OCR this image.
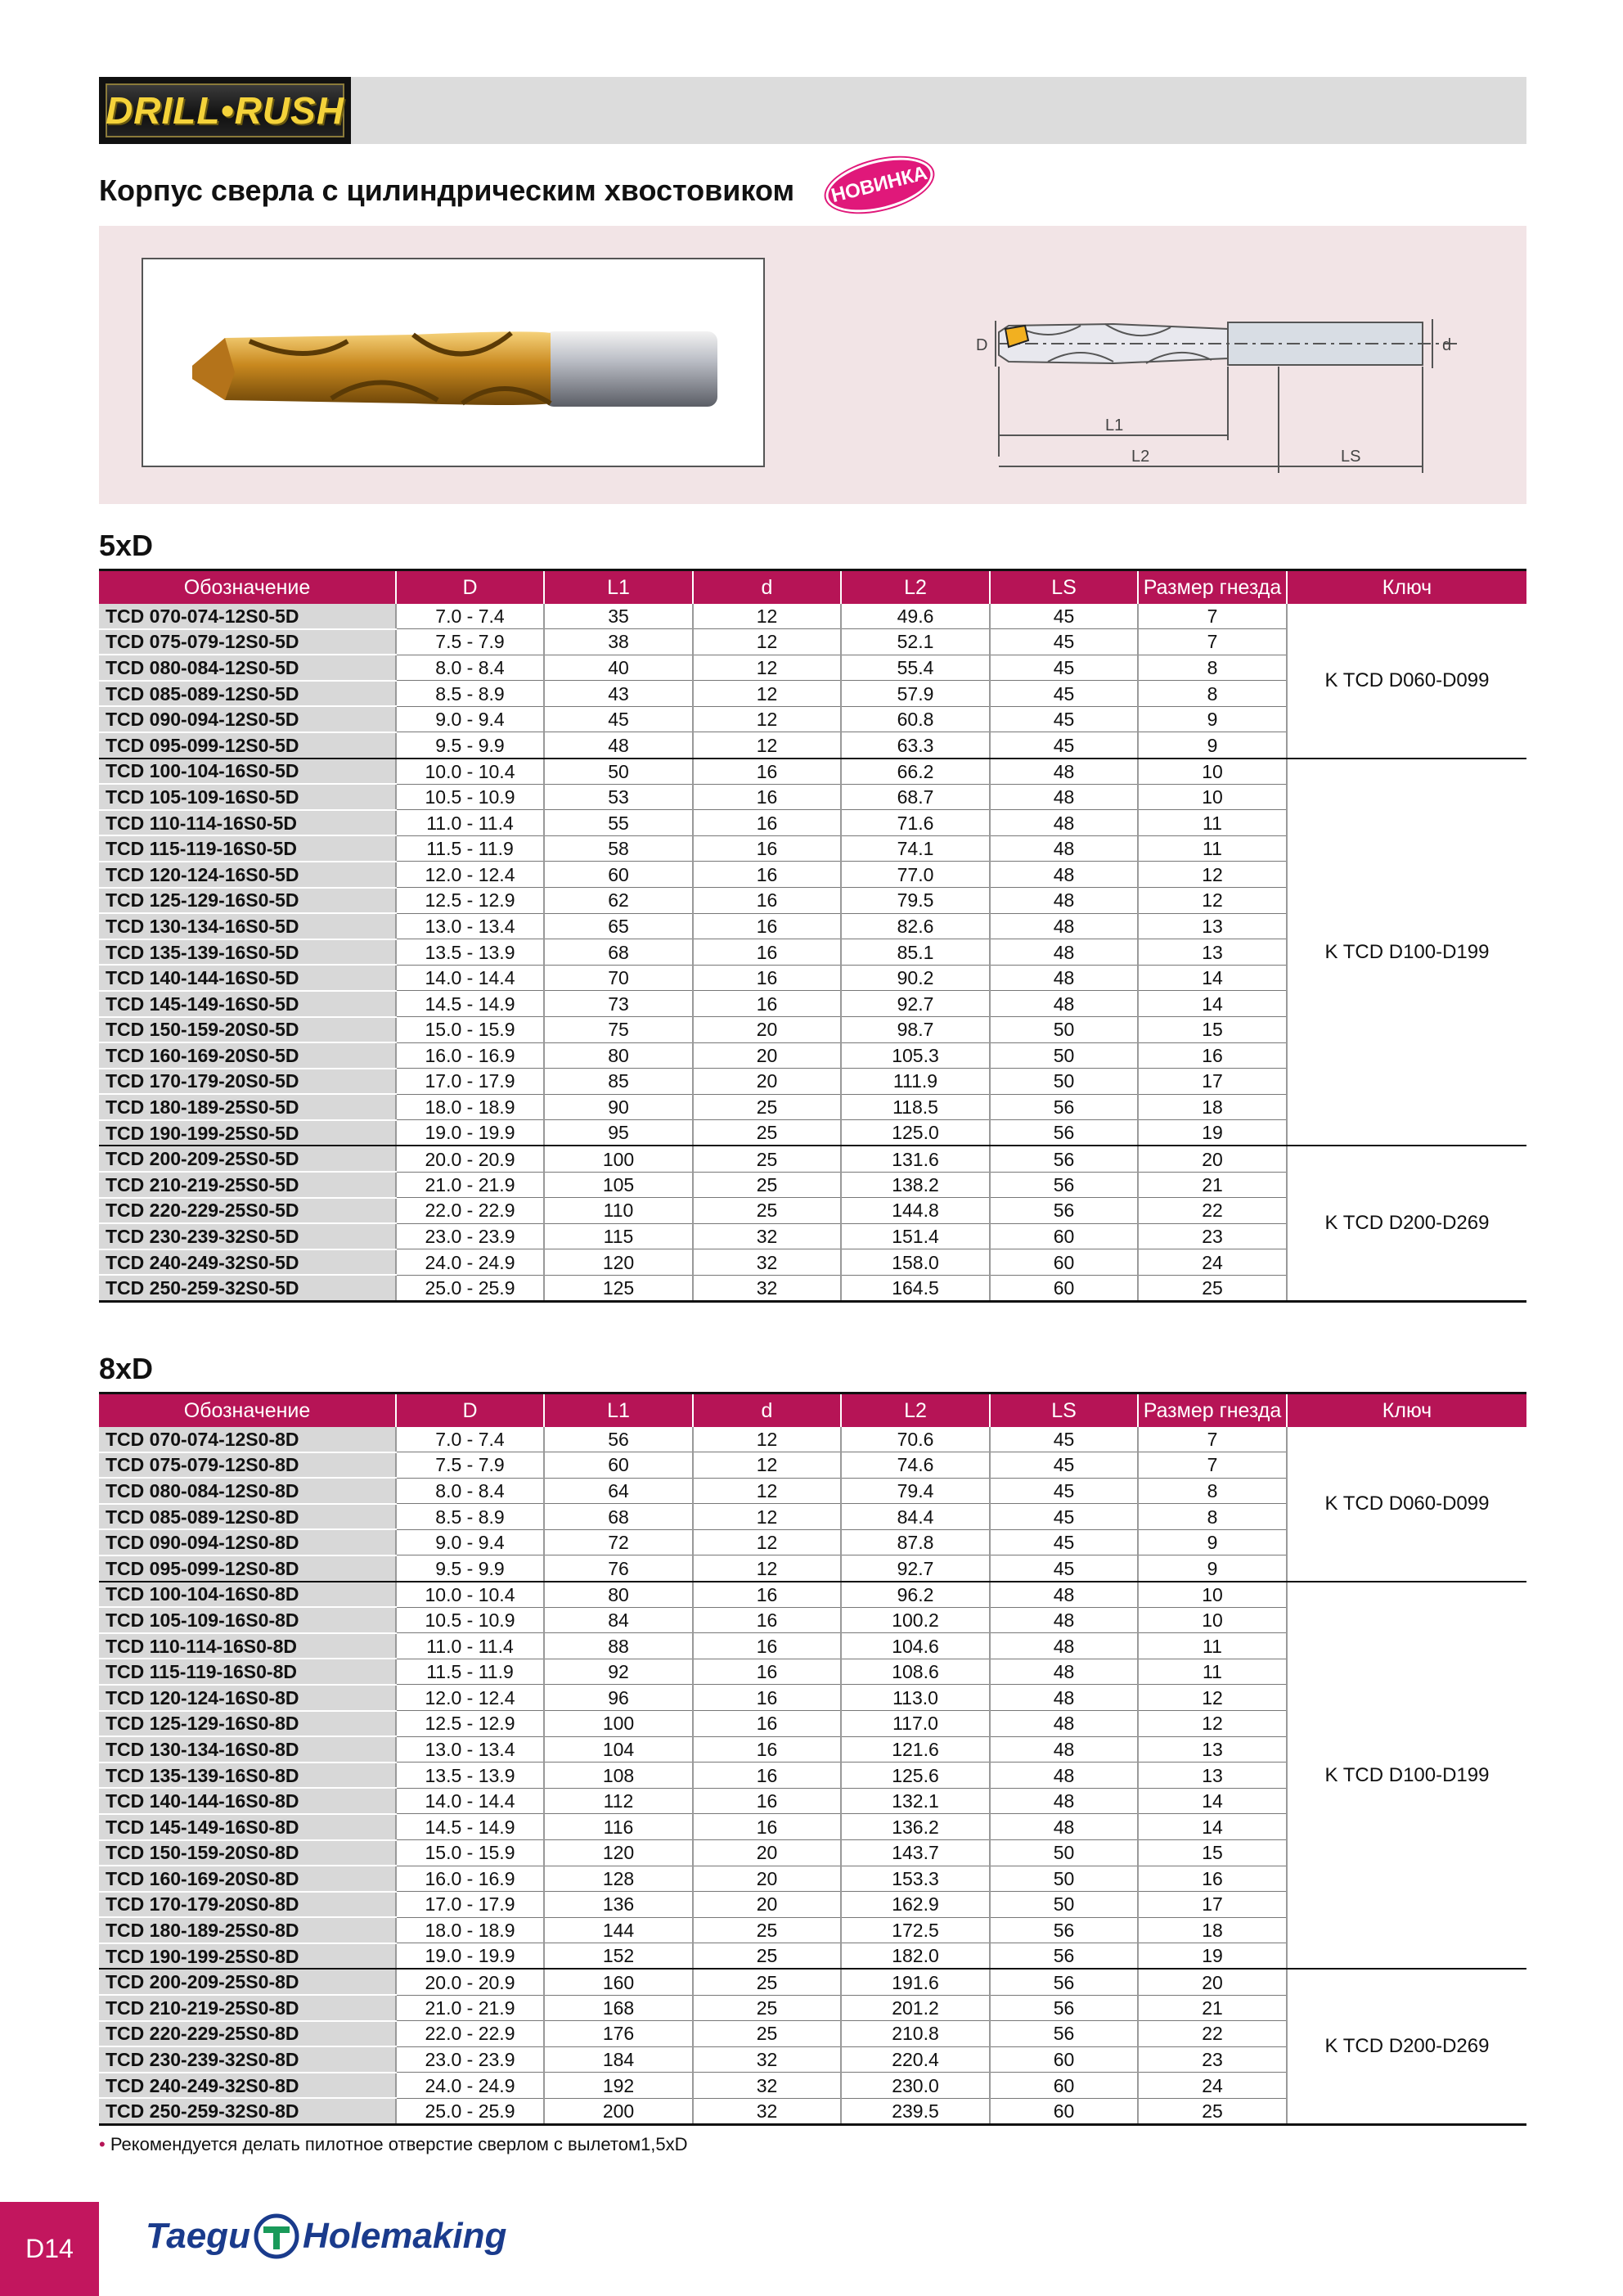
DRILL•RUSH
Корпус сверла с цилиндрическим хвостовиком	НОВИНКА
D	d
L1
L2	LS
5xD
Обозначение	D	L1	d	L2	LS	Размер гнезда	Ключ
TCD 070-074-12S0-5D	7.0 - 7.4	35	12	49.6	45	7	K TCD D060-D099
TCD 075-079-12S0-5D	7.5 - 7.9	38	12	52.1	45	7	
TCD 080-084-12S0-5D	8.0 - 8.4	40	12	55.4	45	8	
TCD 085-089-12S0-5D	8.5 - 8.9	43	12	57.9	45	8	
TCD 090-094-12S0-5D	9.0 - 9.4	45	12	60.8	45	9	
TCD 095-099-12S0-5D	9.5 - 9.9	48	12	63.3	45	9	
TCD 100-104-16S0-5D	10.0 - 10.4	50	16	66.2	48	10	K TCD D100-D199
TCD 105-109-16S0-5D	10.5 - 10.9	53	16	68.7	48	10	
TCD 110-114-16S0-5D	11.0 - 11.4	55	16	71.6	48	11	
TCD 115-119-16S0-5D	11.5 - 11.9	58	16	74.1	48	11	
TCD 120-124-16S0-5D	12.0 - 12.4	60	16	77.0	48	12	
TCD 125-129-16S0-5D	12.5 - 12.9	62	16	79.5	48	12	
TCD 130-134-16S0-5D	13.0 - 13.4	65	16	82.6	48	13	
TCD 135-139-16S0-5D	13.5 - 13.9	68	16	85.1	48	13	
TCD 140-144-16S0-5D	14.0 - 14.4	70	16	90.2	48	14	
TCD 145-149-16S0-5D	14.5 - 14.9	73	16	92.7	48	14	
TCD 150-159-20S0-5D	15.0 - 15.9	75	20	98.7	50	15	
TCD 160-169-20S0-5D	16.0 - 16.9	80	20	105.3	50	16	
TCD 170-179-20S0-5D	17.0 - 17.9	85	20	111.9	50	17	
TCD 180-189-25S0-5D	18.0 - 18.9	90	25	118.5	56	18	
TCD 190-199-25S0-5D	19.0 - 19.9	95	25	125.0	56	19	
TCD 200-209-25S0-5D	20.0 - 20.9	100	25	131.6	56	20	K TCD D200-D269
TCD 210-219-25S0-5D	21.0 - 21.9	105	25	138.2	56	21	
TCD 220-229-25S0-5D	22.0 - 22.9	110	25	144.8	56	22	
TCD 230-239-32S0-5D	23.0 - 23.9	115	32	151.4	60	23	
TCD 240-249-32S0-5D	24.0 - 24.9	120	32	158.0	60	24	
TCD 250-259-32S0-5D	25.0 - 25.9	125	32	164.5	60	25	
8xD
Обозначение	D	L1	d	L2	LS	Размер гнезда	Ключ
TCD 070-074-12S0-8D	7.0 - 7.4	56	12	70.6	45	7	K TCD D060-D099
TCD 075-079-12S0-8D	7.5 - 7.9	60	12	74.6	45	7	
TCD 080-084-12S0-8D	8.0 - 8.4	64	12	79.4	45	8	
TCD 085-089-12S0-8D	8.5 - 8.9	68	12	84.4	45	8	
TCD 090-094-12S0-8D	9.0 - 9.4	72	12	87.8	45	9	
TCD 095-099-12S0-8D	9.5 - 9.9	76	12	92.7	45	9	
TCD 100-104-16S0-8D	10.0 - 10.4	80	16	96.2	48	10	K TCD D100-D199
TCD 105-109-16S0-8D	10.5 - 10.9	84	16	100.2	48	10	
TCD 110-114-16S0-8D	11.0 - 11.4	88	16	104.6	48	11	
TCD 115-119-16S0-8D	11.5 - 11.9	92	16	108.6	48	11	
TCD 120-124-16S0-8D	12.0 - 12.4	96	16	113.0	48	12	
TCD 125-129-16S0-8D	12.5 - 12.9	100	16	117.0	48	12	
TCD 130-134-16S0-8D	13.0 - 13.4	104	16	121.6	48	13	
TCD 135-139-16S0-8D	13.5 - 13.9	108	16	125.6	48	13	
TCD 140-144-16S0-8D	14.0 - 14.4	112	16	132.1	48	14	
TCD 145-149-16S0-8D	14.5 - 14.9	116	16	136.2	48	14	
TCD 150-159-20S0-8D	15.0 - 15.9	120	20	143.7	50	15	
TCD 160-169-20S0-8D	16.0 - 16.9	128	20	153.3	50	16	
TCD 170-179-20S0-8D	17.0 - 17.9	136	20	162.9	50	17	
TCD 180-189-25S0-8D	18.0 - 18.9	144	25	172.5	56	18	
TCD 190-199-25S0-8D	19.0 - 19.9	152	25	182.0	56	19	
TCD 200-209-25S0-8D	20.0 - 20.9	160	25	191.6	56	20	K TCD D200-D269
TCD 210-219-25S0-8D	21.0 - 21.9	168	25	201.2	56	21	
TCD 220-229-25S0-8D	22.0 - 22.9	176	25	210.8	56	22	
TCD 230-239-32S0-8D	23.0 - 23.9	184	32	220.4	60	23	
TCD 240-249-32S0-8D	24.0 - 24.9	192	32	230.0	60	24	
TCD 250-259-32S0-8D	25.0 - 25.9	200	32	239.5	60	25	
• Рекомендуется делать пилотное отверстие сверлом с вылетом1,5xD
D14	Taegu Holemaking
